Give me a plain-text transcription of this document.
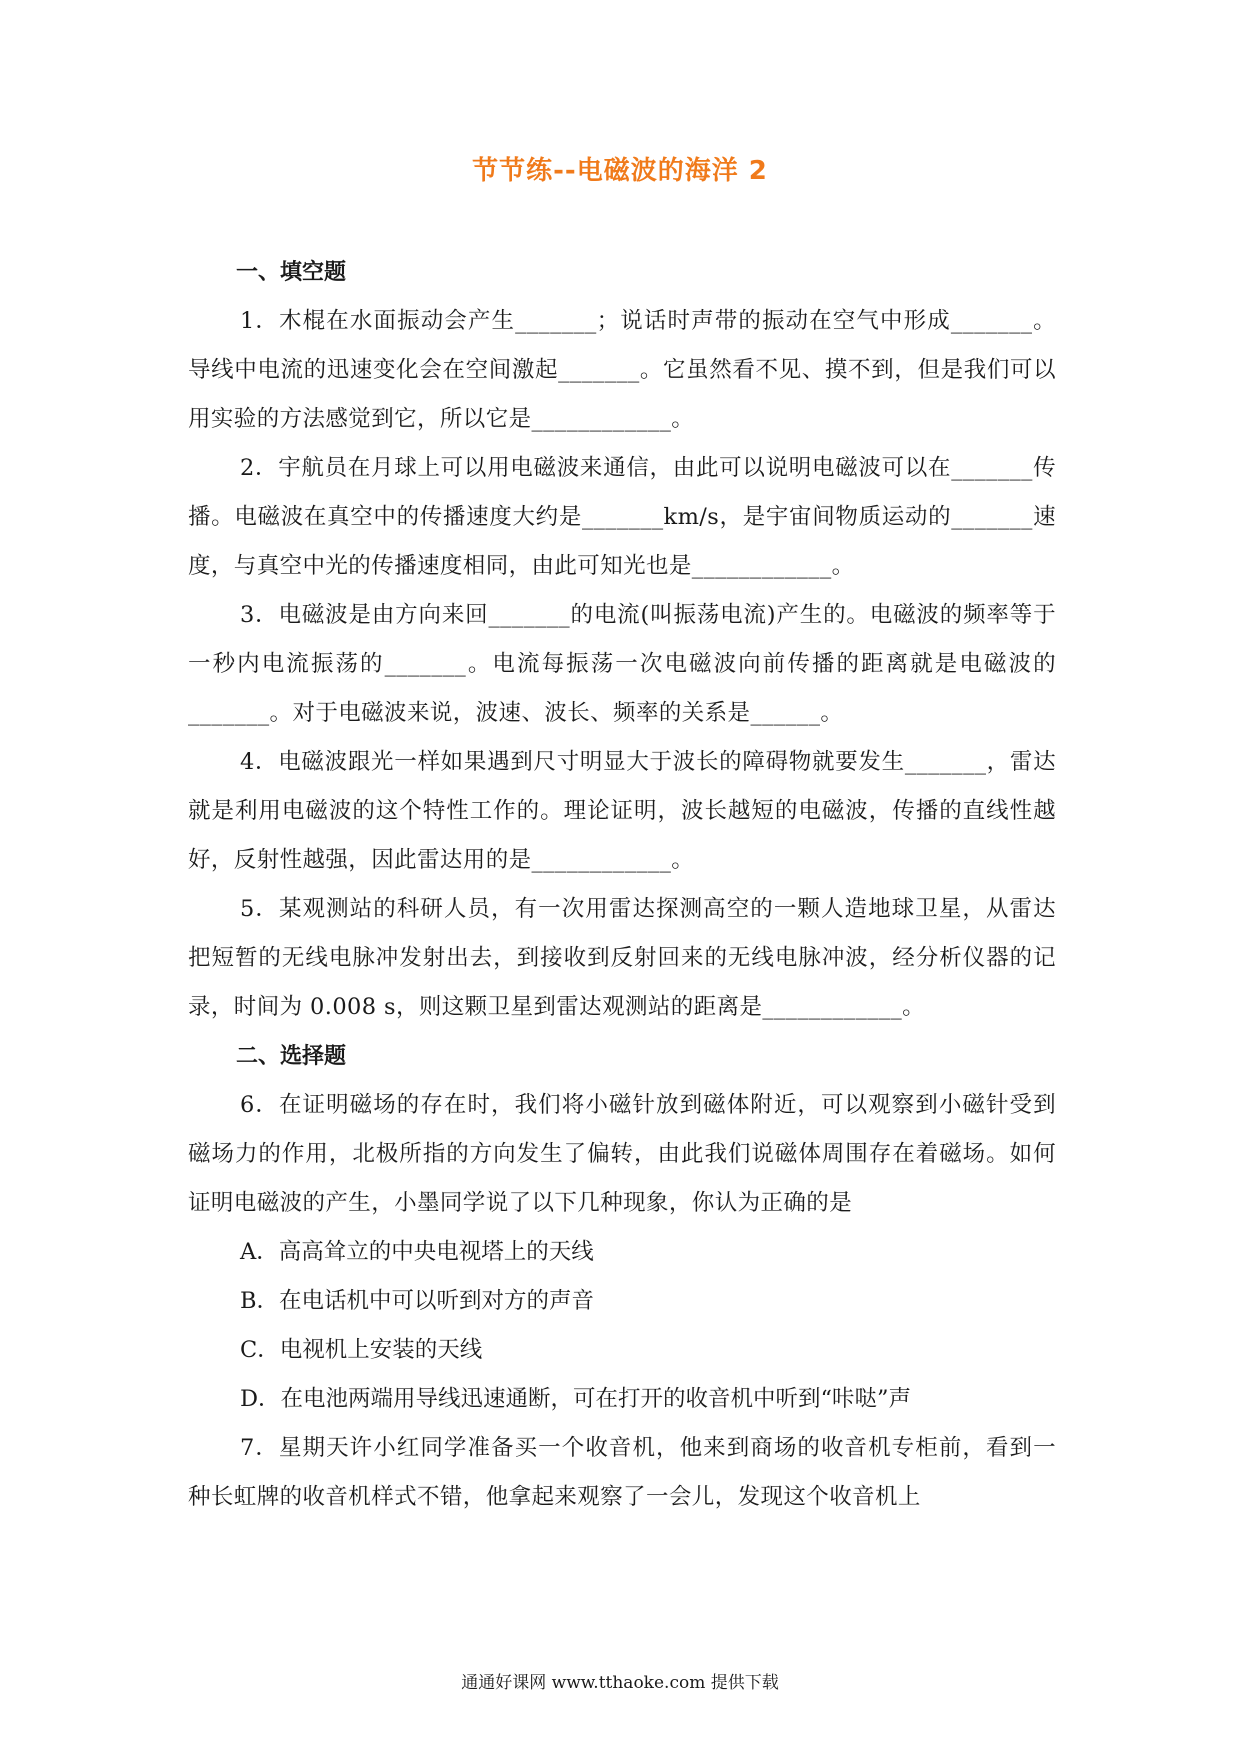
节节练--电磁波的海洋 2

一、填空题

1．木棍在水面振动会产生_______；说话时声带的振动在空气中形成_______。导线中电流的迅速变化会在空间激起_______。它虽然看不见、摸不到，但是我们可以用实验的方法感觉到它，所以它是____________。

2．宇航员在月球上可以用电磁波来通信，由此可以说明电磁波可以在_______传播。电磁波在真空中的传播速度大约是_______km/s，是宇宙间物质运动的_______速度，与真空中光的传播速度相同，由此可知光也是____________。

3．电磁波是由方向来回_______的电流(叫振荡电流)产生的。电磁波的频率等于一秒内电流振荡的_______。电流每振荡一次电磁波向前传播的距离就是电磁波的_______。对于电磁波来说，波速、波长、频率的关系是______。

4．电磁波跟光一样如果遇到尺寸明显大于波长的障碍物就要发生_______，雷达就是利用电磁波的这个特性工作的。理论证明，波长越短的电磁波，传播的直线性越好，反射性越强，因此雷达用的是____________。

5．某观测站的科研人员，有一次用雷达探测高空的一颗人造地球卫星，从雷达把短暂的无线电脉冲发射出去，到接收到反射回来的无线电脉冲波，经分析仪器的记录，时间为 0.008 s，则这颗卫星到雷达观测站的距离是____________。

二、选择题

6．在证明磁场的存在时，我们将小磁针放到磁体附近，可以观察到小磁针受到磁场力的作用，北极所指的方向发生了偏转，由此我们说磁体周围存在着磁场。如何证明电磁波的产生，小墨同学说了以下几种现象，你认为正确的是

A．高高耸立的中央电视塔上的天线

B．在电话机中可以听到对方的声音

C．电视机上安装的天线

D．在电池两端用导线迅速通断，可在打开的收音机中听到“咔哒”声

7．星期天许小红同学准备买一个收音机，他来到商场的收音机专柜前，看到一种长虹牌的收音机样式不错，他拿起来观察了一会儿，发现这个收音机上

通通好课网 www.tthaoke.com 提供下载
